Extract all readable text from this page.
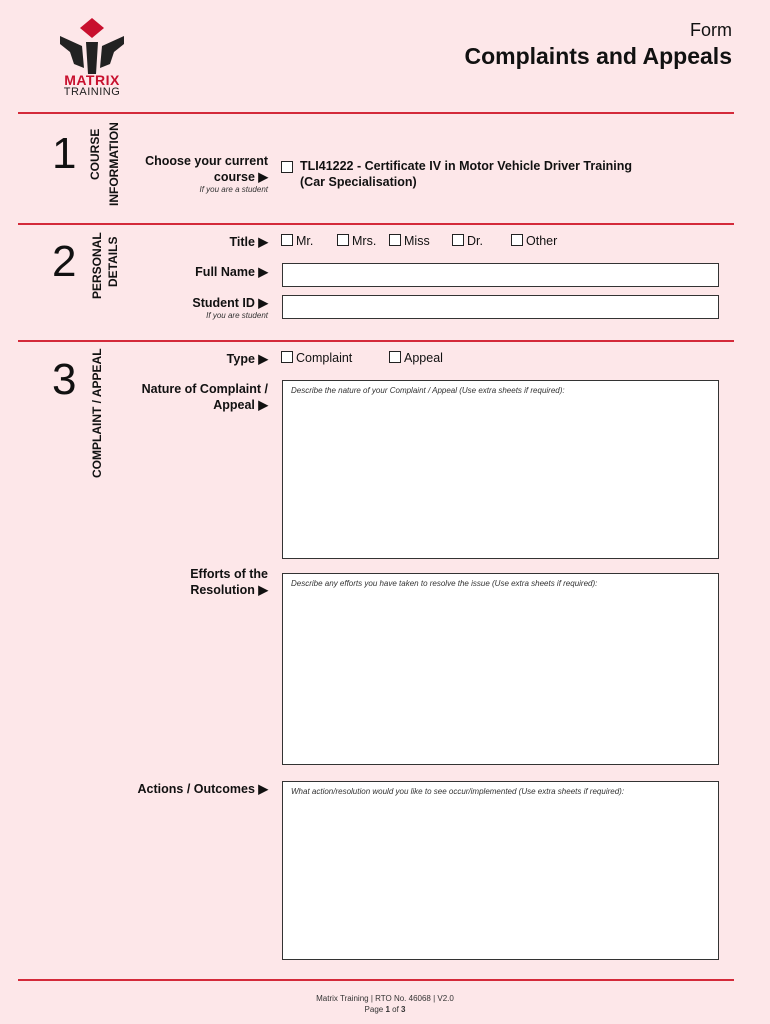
MATRIX
TRAINING
Form
Complaints and Appeals
1 COURSE INFORMATION Choose your current
course ▶
If you are a student
TLI41222 - Certificate IV in Motor Vehicle Driver Training
(Car Specialisation)
2 PERSONAL DETAILS	Title ▶	Mr.	Mrs.	Miss	Dr.	Other
Full Name ▶
Student ID ▶
If you are student
3 COMPLAINT / APPEAL	Type ▶	Complaint	Appeal
Nature of Complaint /
Appeal ▶
Describe the nature of your Complaint / Appeal (Use extra sheets if required):
Efforts of the
Resolution ▶	Describe any efforts you have taken to resolve the issue (Use extra sheets if required):
Actions / Outcomes ▶	What action/resolution would you like to see occur/implemented (Use extra sheets if required):
Matrix Training | RTO No. 46068 | V2.0
Page 1 of 3
